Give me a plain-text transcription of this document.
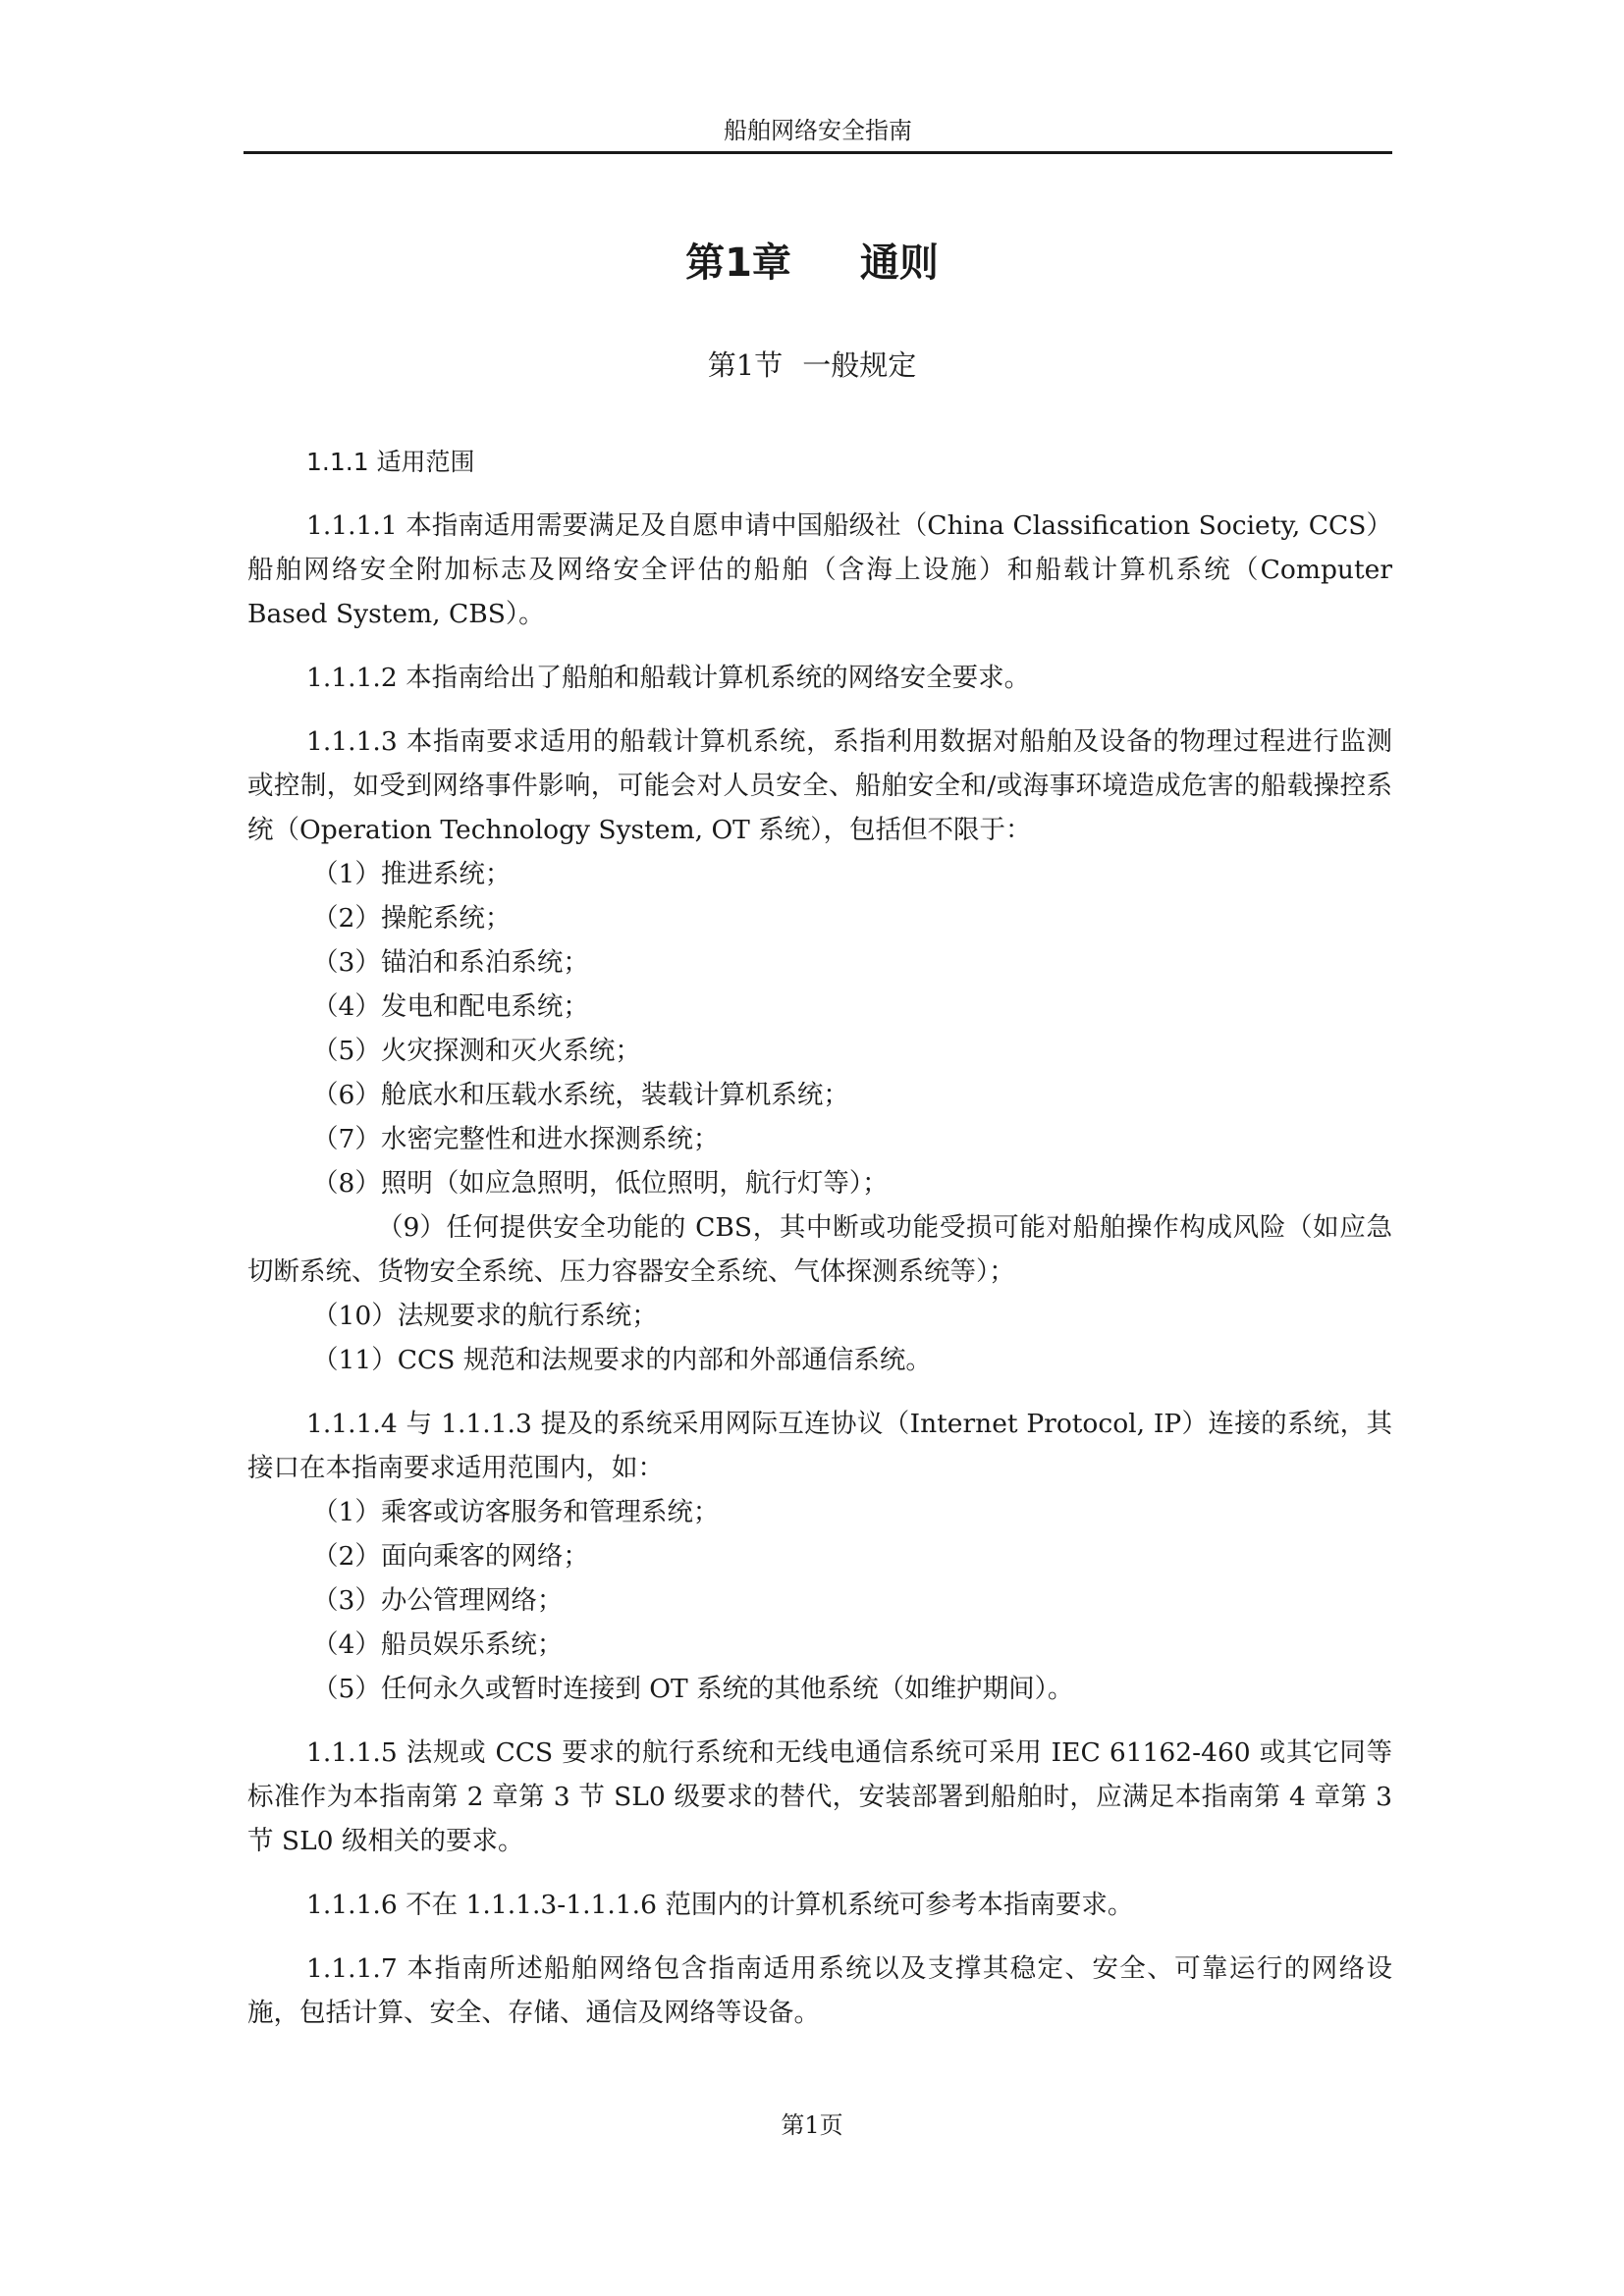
船舶网络安全指南
第1章 通则
第1节 一般规定

1.1.1 适用范围

1.1.1.1 本指南适用需要满足及自愿申请中国船级社（China Classification Society, CCS）船舶网络安全附加标志及网络安全评估的船舶（含海上设施）和船载计算机系统（Computer Based System, CBS）。

1.1.1.2 本指南给出了船舶和船载计算机系统的网络安全要求。

1.1.1.3 本指南要求适用的船载计算机系统，系指利用数据对船舶及设备的物理过程进行监测或控制，如受到网络事件影响，可能会对人员安全、船舶安全和/或海事环境造成危害的船载操控系统（Operation Technology System, OT 系统），包括但不限于：

（1）推进系统；
（2）操舵系统；
（3）锚泊和系泊系统；
（4）发电和配电系统；
（5）火灾探测和灭火系统；
（6）舱底水和压载水系统，装载计算机系统；
（7）水密完整性和进水探测系统；
（8）照明（如应急照明，低位照明，航行灯等）；
（9）任何提供安全功能的 CBS，其中断或功能受损可能对船舶操作构成风险（如应急切断系统、货物安全系统、压力容器安全系统、气体探测系统等）；
（10）法规要求的航行系统；
（11）CCS 规范和法规要求的内部和外部通信系统。

1.1.1.4 与 1.1.1.3 提及的系统采用网际互连协议（Internet Protocol, IP）连接的系统，其接口在本指南要求适用范围内，如：

（1）乘客或访客服务和管理系统；
（2）面向乘客的网络；
（3）办公管理网络；
（4）船员娱乐系统；
（5）任何永久或暂时连接到 OT 系统的其他系统（如维护期间）。

1.1.1.5 法规或 CCS 要求的航行系统和无线电通信系统可采用 IEC 61162-460 或其它同等标准作为本指南第 2 章第 3 节 SL0 级要求的替代，安装部署到船舶时，应满足本指南第 4 章第 3 节 SL0 级相关的要求。

1.1.1.6 不在 1.1.1.3-1.1.1.6 范围内的计算机系统可参考本指南要求。

1.1.1.7 本指南所述船舶网络包含指南适用系统以及支撑其稳定、安全、可靠运行的网络设施，包括计算、安全、存储、通信及网络等设备。

第1页
